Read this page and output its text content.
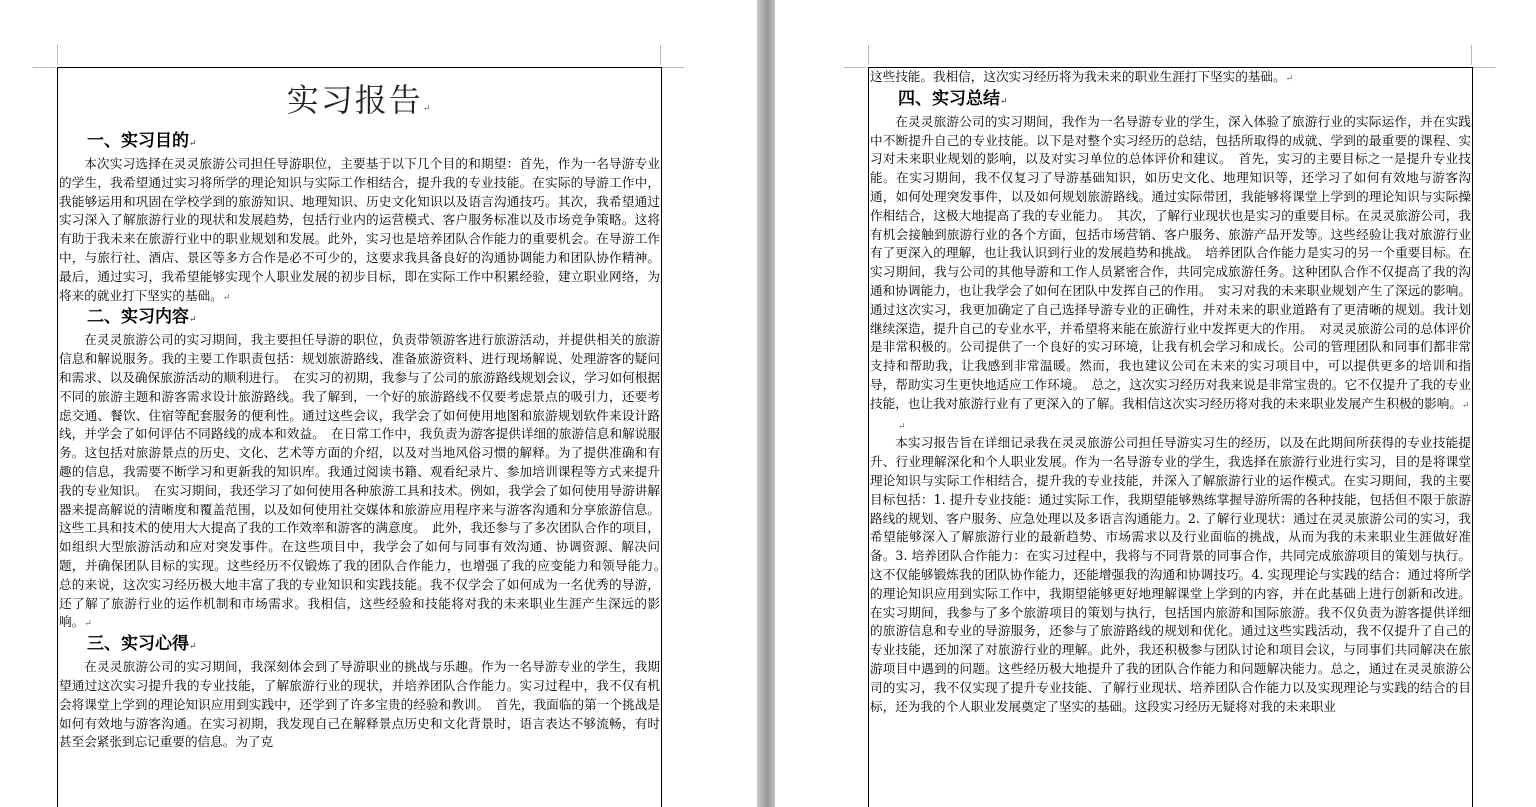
实习报告↵
一、实习目的↵

本次实习选择在灵灵旅游公司担任导游职位，主要基于以下几个目的和期望：首先，作为一名导游专业的学生，我希望通过实习将所学的理论知识与实际工作相结合，提升我的专业技能。在实际的导游工作中，我能够运用和巩固在学校学到的旅游知识、地理知识、历史文化知识以及语言沟通技巧。其次，我希望通过实习深入了解旅游行业的现状和发展趋势，包括行业内的运营模式、客户服务标准以及市场竞争策略。这将有助于我未来在旅游行业中的职业规划和发展。此外，实习也是培养团队合作能力的重要机会。在导游工作中，与旅行社、酒店、景区等多方合作是必不可少的，这要求我具备良好的沟通协调能力和团队协作精神。最后，通过实习，我希望能够实现个人职业发展的初步目标，即在实际工作中积累经验，建立职业网络，为将来的就业打下坚实的基础。↵

二、实习内容↵

在灵灵旅游公司的实习期间，我主要担任导游的职位，负责带领游客进行旅游活动，并提供相关的旅游信息和解说服务。我的主要工作职责包括：规划旅游路线、准备旅游资料、进行现场解说、处理游客的疑问和需求、以及确保旅游活动的顺利进行。　在实习的初期，我参与了公司的旅游路线规划会议，学习如何根据不同的旅游主题和游客需求设计旅游路线。我了解到，一个好的旅游路线不仅要考虑景点的吸引力，还要考虑交通、餐饮、住宿等配套服务的便利性。通过这些会议，我学会了如何使用地图和旅游规划软件来设计路线，并学会了如何评估不同路线的成本和效益。　在日常工作中，我负责为游客提供详细的旅游信息和解说服务。这包括对旅游景点的历史、文化、艺术等方面的介绍，以及对当地风俗习惯的解释。为了提供准确和有趣的信息，我需要不断学习和更新我的知识库。我通过阅读书籍、观看纪录片、参加培训课程等方式来提升我的专业知识。　在实习期间，我还学习了如何使用各种旅游工具和技术。例如，我学会了如何使用导游讲解器来提高解说的清晰度和覆盖范围，以及如何使用社交媒体和旅游应用程序来与游客沟通和分享旅游信息。这些工具和技术的使用大大提高了我的工作效率和游客的满意度。　此外，我还参与了多次团队合作的项目，如组织大型旅游活动和应对突发事件。在这些项目中，我学会了如何与同事有效沟通、协调资源、解决问题，并确保团队目标的实现。这些经历不仅锻炼了我的团队合作能力，也增强了我的应变能力和领导能力。　总的来说，这次实习经历极大地丰富了我的专业知识和实践技能。我不仅学会了如何成为一名优秀的导游，还了解了旅游行业的运作机制和市场需求。我相信，这些经验和技能将对我的未来职业生涯产生深远的影响。↵

三、实习心得↵

在灵灵旅游公司的实习期间，我深刻体会到了导游职业的挑战与乐趣。作为一名导游专业的学生，我期望通过这次实习提升我的专业技能，了解旅游行业的现状，并培养团队合作能力。实习过程中，我不仅有机会将课堂上学到的理论知识应用到实践中，还学到了许多宝贵的经验和教训。　首先，我面临的第一个挑战是如何有效地与游客沟通。在实习初期，我发现自己在解释景点历史和文化背景时，语言表达不够流畅，有时甚至会紧张到忘记重要的信息。为了克

这些技能。我相信，这次实习经历将为我未来的职业生涯打下坚实的基础。↵

四、实习总结↵

在灵灵旅游公司的实习期间，我作为一名导游专业的学生，深入体验了旅游行业的实际运作，并在实践中不断提升自己的专业技能。以下是对整个实习经历的总结，包括所取得的成就、学到的最重要的课程、实习对未来职业规划的影响，以及对实习单位的总体评价和建议。　首先，实习的主要目标之一是提升专业技能。在实习期间，我不仅复习了导游基础知识，如历史文化、地理知识等，还学习了如何有效地与游客沟通，如何处理突发事件，以及如何规划旅游路线。通过实际带团，我能够将课堂上学到的理论知识与实际操作相结合，这极大地提高了我的专业能力。　其次，了解行业现状也是实习的重要目标。在灵灵旅游公司，我有机会接触到旅游行业的各个方面，包括市场营销、客户服务、旅游产品开发等。这些经验让我对旅游行业有了更深入的理解，也让我认识到行业的发展趋势和挑战。　培养团队合作能力是实习的另一个重要目标。在实习期间，我与公司的其他导游和工作人员紧密合作，共同完成旅游任务。这种团队合作不仅提高了我的沟通和协调能力，也让我学会了如何在团队中发挥自己的作用。　实习对我的未来职业规划产生了深远的影响。通过这次实习，我更加确定了自己选择导游专业的正确性，并对未来的职业道路有了更清晰的规划。我计划继续深造，提升自己的专业水平，并希望将来能在旅游行业中发挥更大的作用。　对灵灵旅游公司的总体评价是非常积极的。公司提供了一个良好的实习环境，让我有机会学习和成长。公司的管理团队和同事们都非常支持和帮助我，让我感到非常温暖。然而，我也建议公司在未来的实习项目中，可以提供更多的培训和指导，帮助实习生更快地适应工作环境。　总之，这次实习经历对我来说是非常宝贵的。它不仅提升了我的专业技能，也让我对旅游行业有了更深入的了解。我相信这次实习经历将对我的未来职业发展产生积极的影响。↵

↵

本实习报告旨在详细记录我在灵灵旅游公司担任导游实习生的经历，以及在此期间所获得的专业技能提升、行业理解深化和个人职业发展。作为一名导游专业的学生，我选择在旅游行业进行实习，目的是将课堂理论知识与实际工作相结合，提升我的专业技能，并深入了解旅游行业的运作模式。在实习期间，我的主要目标包括：1. 提升专业技能：通过实际工作，我期望能够熟练掌握导游所需的各种技能，包括但不限于旅游路线的规划、客户服务、应急处理以及多语言沟通能力。2. 了解行业现状：通过在灵灵旅游公司的实习，我希望能够深入了解旅游行业的最新趋势、市场需求以及行业面临的挑战，从而为我的未来职业生涯做好准备。3. 培养团队合作能力：在实习过程中，我将与不同背景的同事合作，共同完成旅游项目的策划与执行。这不仅能够锻炼我的团队协作能力，还能增强我的沟通和协调技巧。4. 实现理论与实践的结合：通过将所学的理论知识应用到实际工作中，我期望能够更好地理解课堂上学到的内容，并在此基础上进行创新和改进。在实习期间，我参与了多个旅游项目的策划与执行，包括国内旅游和国际旅游。我不仅负责为游客提供详细的旅游信息和专业的导游服务，还参与了旅游路线的规划和优化。通过这些实践活动，我不仅提升了自己的专业技能，还加深了对旅游行业的理解。此外，我还积极参与团队讨论和项目会议，与同事们共同解决在旅游项目中遇到的问题。这些经历极大地提升了我的团队合作能力和问题解决能力。总之，通过在灵灵旅游公司的实习，我不仅实现了提升专业技能、了解行业现状、培养团队合作能力以及实现理论与实践的结合的目标，还为我的个人职业发展奠定了坚实的基础。这段实习经历无疑将对我的未来职业
